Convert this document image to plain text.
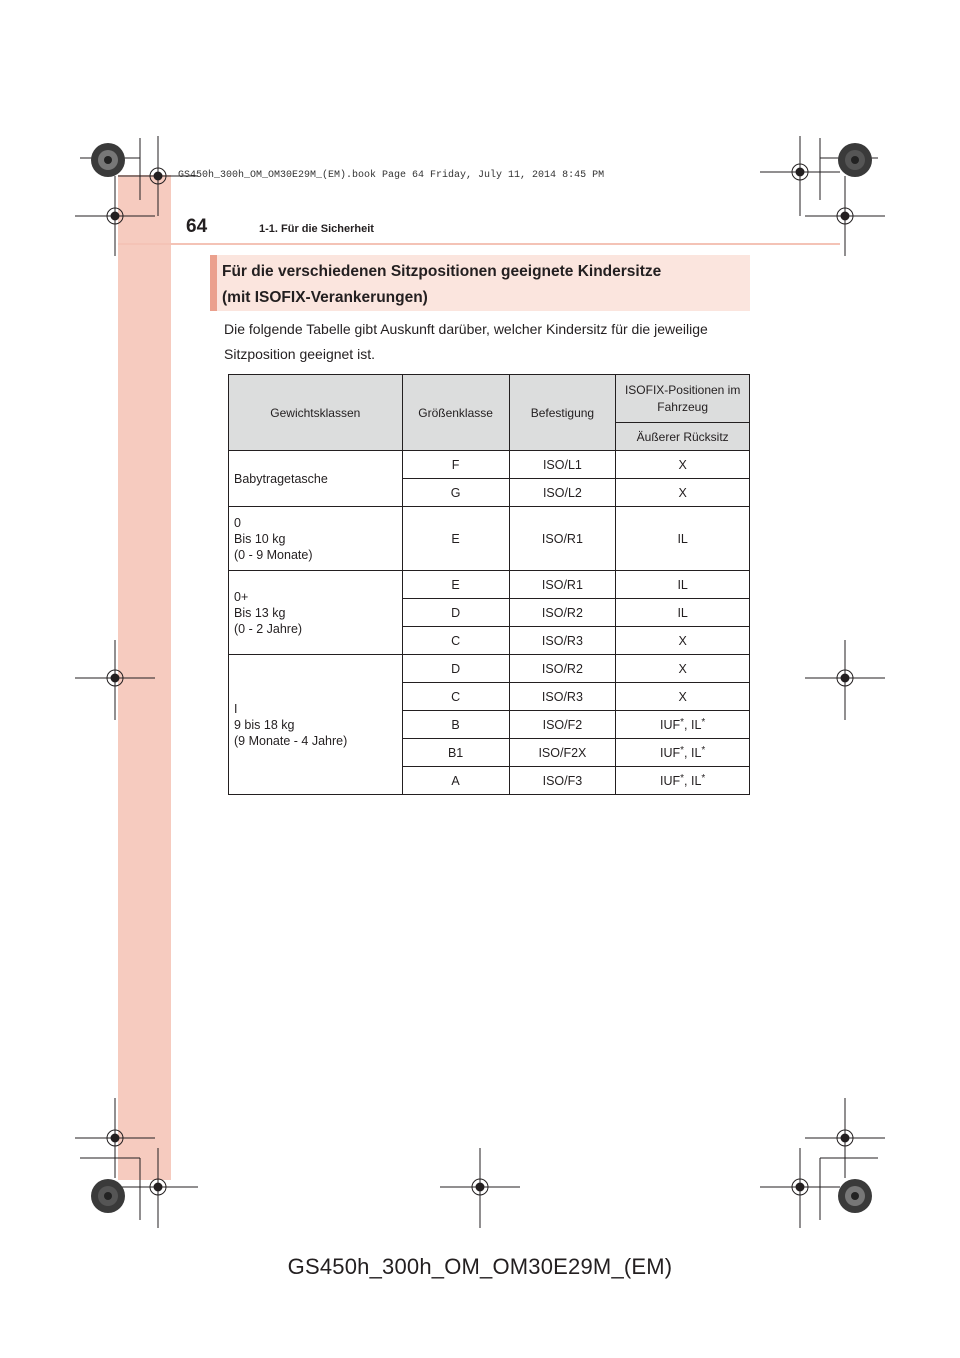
GS450h_300h_OM_OM30E29M_(EM).book Page 64 Friday, July 11, 2014 8:45 PM
64	1-1. Für die Sicherheit
Für die verschiedenen Sitzpositionen geeignete Kindersitze
(mit ISOFIX-Verankerungen)
Die folgende Tabelle gibt Auskunft darüber, welcher Kindersitz für die jeweilige Sitzposition geeignet ist.
Gewichtsklassen	Größenklasse	Befestigung	ISOFIX-Positionen im Fahrzeug
			Äußerer Rücksitz

Babytragetasche	F	ISO/L1	X
	G	ISO/L2	X

0
Bis 10 kg
(0 - 9 Monate)	E	ISO/R1	IL

0+
Bis 13 kg
(0 - 2 Jahre)	E	ISO/R1	IL
	D	ISO/R2	IL
	C	ISO/R3	X

I
9 bis 18 kg
(9 Monate - 4 Jahre)	D	ISO/R2	X
	C	ISO/R3	X
	B	ISO/F2	IUF*, IL*
	B1	ISO/F2X	IUF*, IL*
	A	ISO/F3	IUF*, IL*
GS450h_300h_OM_OM30E29M_(EM)
